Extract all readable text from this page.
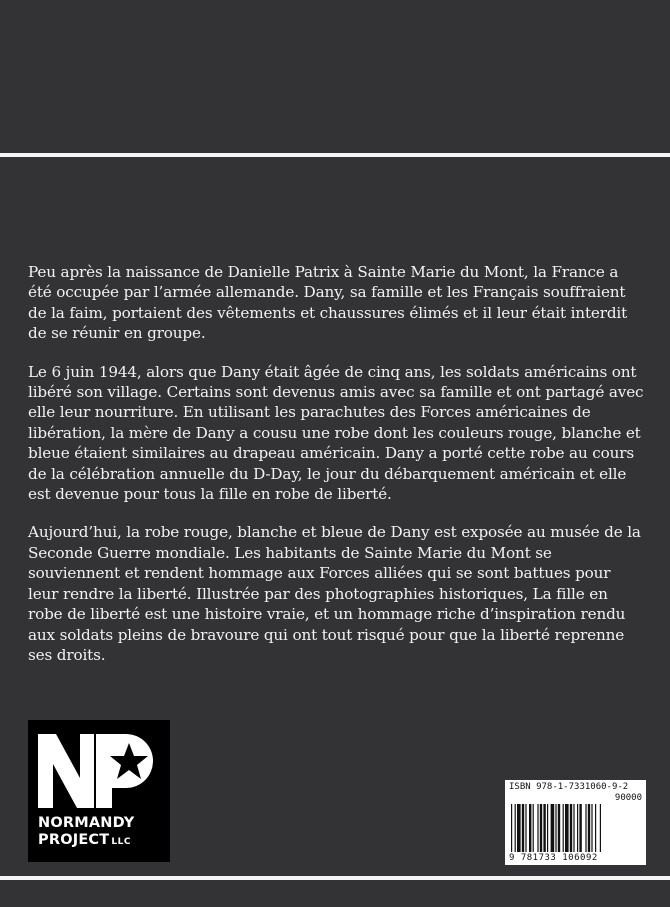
Peu après la naissance de Danielle Patrix à Sainte Marie du Mont, la France a été occupée par l’armée allemande. Dany, sa famille et les Français souffraient de la faim, portaient des vêtements et chaussures élimés et il leur était interdit de se réunir en groupe.

Le 6 juin 1944, alors que Dany était âgée de cinq ans, les soldats américains ont libéré son village. Certains sont devenus amis avec sa famille et ont partagé avec elle leur nourriture. En utilisant les parachutes des Forces américaines de libération, la mère de Dany a cousu une robe dont les couleurs rouge, blanche et bleue étaient similaires au drapeau américain. Dany a porté cette robe au cours de la célébration annuelle du D-Day, le jour du débarquement américain et elle est devenue pour tous la fille en robe de liberté.

Aujourd’hui, la robe rouge, blanche et bleue de Dany est exposée au musée de la Seconde Guerre mondiale. Les habitants de Sainte Marie du Mont se souviennent et rendent hommage aux Forces alliées qui se sont battues pour leur rendre la liberté. Illustrée par des photographies historiques, La fille en robe de liberté est une histoire vraie, et un hommage riche d’inspiration rendu aux soldats pleins de bravoure qui ont tout risqué pour que la liberté reprenne ses droits.

NORMANDY
PROJECT LLC
ISBN 978-1-7331060-9-2
90000
9 781733 106092
